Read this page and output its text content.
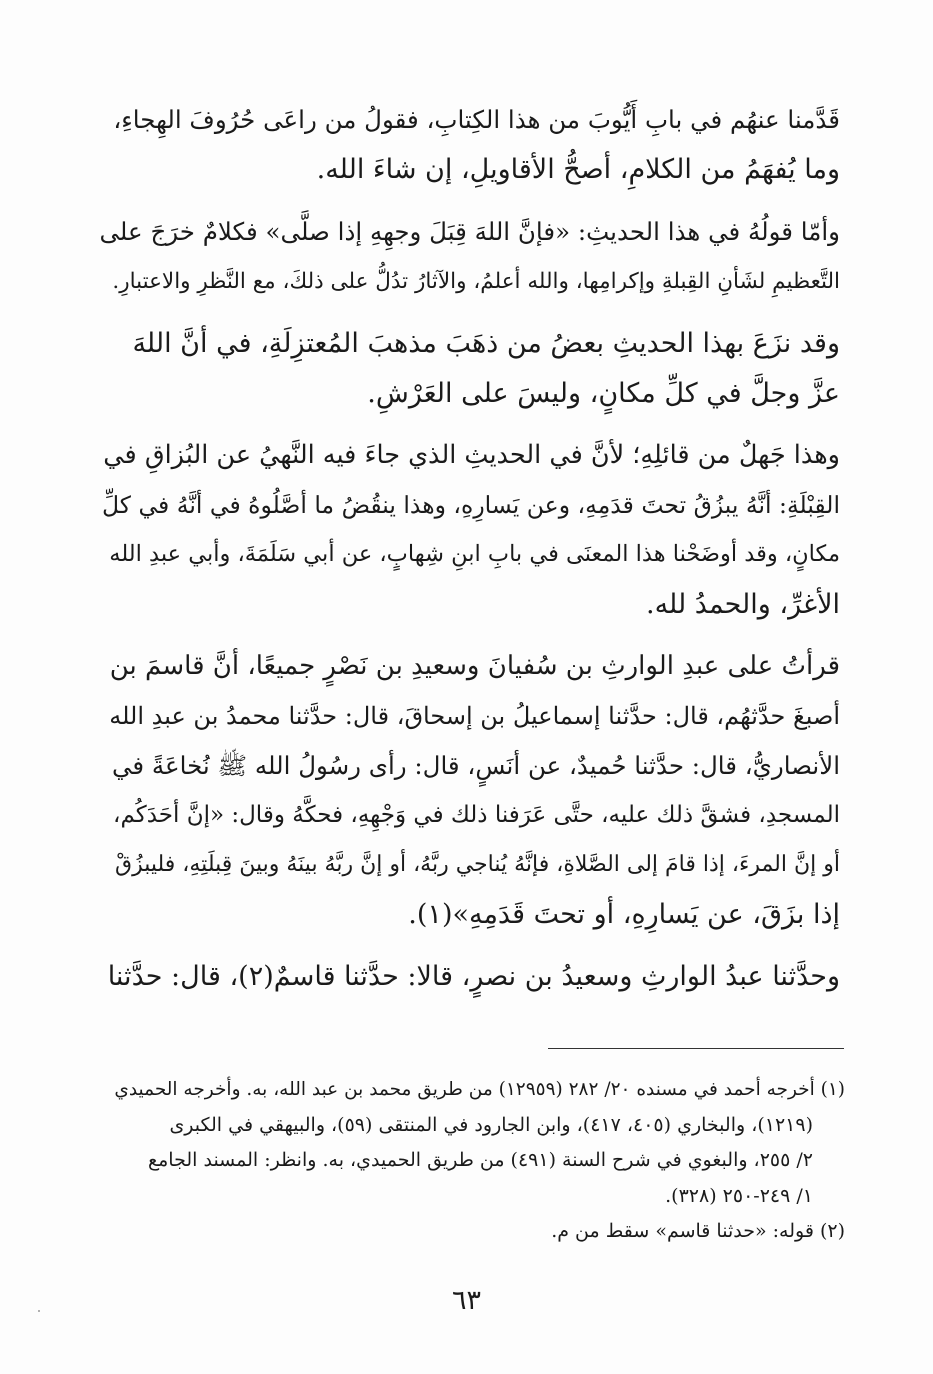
قَدَّمنا عنهُم في بابِ أَيُّوبَ من هذا الكِتابِ، فقولُ من راعَى حُرُوفَ الهِجاءِ،
وما يُفهَمُ من الكلامِ، أصحُّ الأقاويلِ، إن شاءَ الله.
وأمّا قولُهُ في هذا الحديثِ: «فإنَّ اللهَ قِبَلَ وجهِهِ إذا صلَّى» فكلامٌ خرَجَ على
التَّعظيمِ لشَأنِ القِبلةِ وإكرامِها، والله أعلمُ، والآثارُ تدُلُّ على ذلكَ، مع النَّظرِ والاعتبارِ.
وقد نزَعَ بهذا الحديثِ بعضُ من ذهَبَ مذهبَ المُعتزِلَةِ، في أنَّ اللهَ
عزَّ وجلَّ في كلِّ مكانٍ، وليسَ على العَرْشِ.
وهذا جَهلٌ من قائلِهِ؛ لأنَّ في الحديثِ الذي جاءَ فيه النَّهيُ عن البُزاقِ في
القِبْلَةِ: أنَّهُ يبزُقُ تحتَ قدَمِهِ، وعن يَسارِهِ، وهذا ينقُضُ ما أصَّلُوهُ في أنَّهُ في كلِّ
مكانٍ، وقد أوضَحْنا هذا المعنَى في بابِ ابنِ شِهابٍ، عن أبي سَلَمَةَ، وأبي عبدِ الله
الأغرِّ، والحمدُ لله.
قرأتُ على عبدِ الوارثِ بن سُفيانَ وسعيدِ بن نَصْرٍ جميعًا، أنَّ قاسمَ بن
أصبغَ حدَّثهُم، قال: حدَّثنا إسماعيلُ بن إسحاقَ، قال: حدَّثنا محمدُ بن عبدِ الله
الأنصاريُّ، قال: حدَّثنا حُميدٌ، عن أنَسٍ، قال: رأى رسُولُ الله ﷺ نُخاعَةً في
المسجدِ، فشقَّ ذلك عليه، حتَّى عَرَفنا ذلك في وَجْهِهِ، فحكَّهُ وقال: «إنَّ أحَدَكُم،
أو إنَّ المرءَ، إذا قامَ إلى الصَّلاةِ، فإنَّهُ يُناجي ربَّهُ، أو إنَّ ربَّهُ بينَهُ وبينَ قِبلَتِهِ، فليبزُقْ
إذا بزَقَ، عن يَسارِهِ، أو تحتَ قَدَمِهِ»(١).
وحدَّثنا عبدُ الوارثِ وسعيدُ بن نصرٍ، قالا: حدَّثنا قاسمٌ(٢)، قال: حدَّثنا
(١) أخرجه أحمد في مسنده ٢٠/ ٢٨٢ (١٢٩٥٩) من طريق محمد بن عبد الله، به. وأخرجه الحميدي
(١٢١٩)، والبخاري (٤٠٥، ٤١٧)، وابن الجارود في المنتقى (٥٩)، والبيهقي في الكبرى
٢/ ٢٥٥، والبغوي في شرح السنة (٤٩١) من طريق الحميدي، به. وانظر: المسند الجامع
١/ ٢٤٩-٢٥٠ (٣٢٨).
(٢) قوله: «حدثنا قاسم» سقط من م.
٦٣
